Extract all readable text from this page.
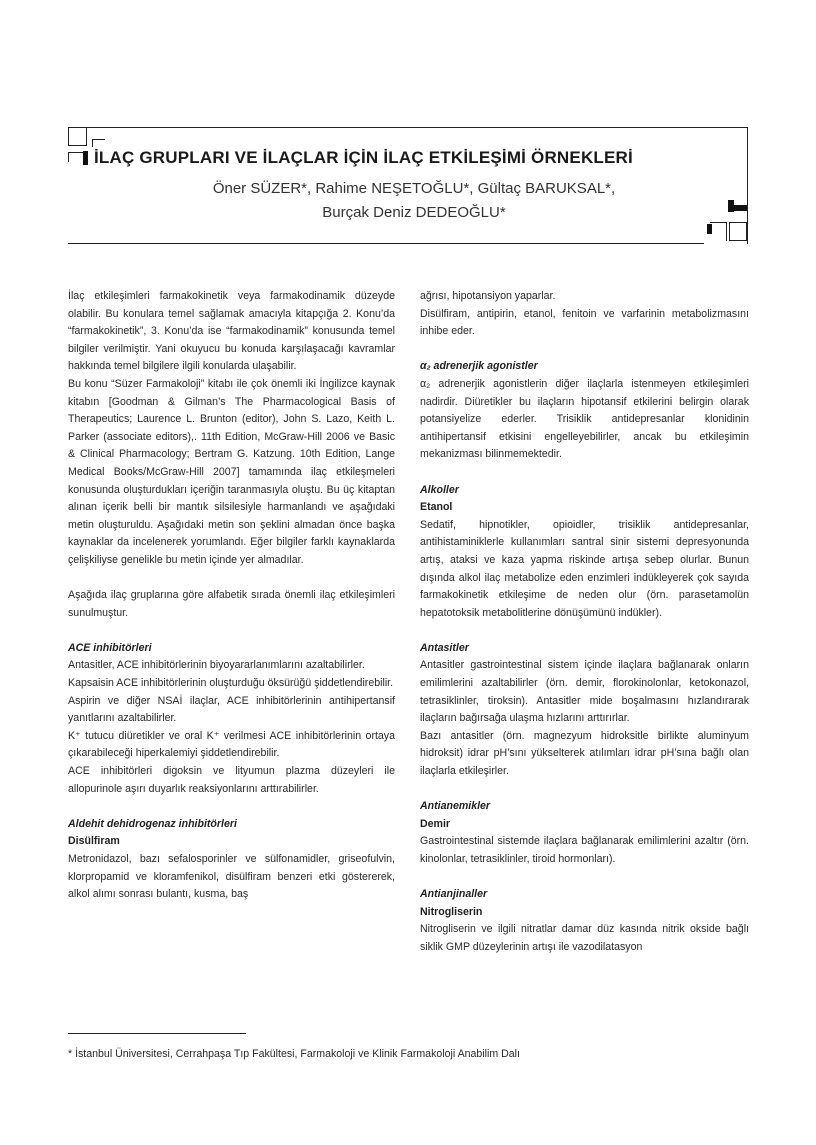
İLAÇ GRUPLARI VE İLAÇLAR İÇİN İLAÇ ETKİLEŞİMİ ÖRNEKLERİ
Öner SÜZER*, Rahime NEŞETOĞLU*, Gültaç BARUKSAL*,
Burçak Deniz DEDEOĞLU*

İlaç etkileşimleri farmakokinetik veya farmakodinamik düzeyde olabilir. Bu konulara temel sağlamak amacıyla kitapçığa 2. Konu’da “farmakokinetik”, 3. Konu’da ise “farmakodinamik” konusunda temel bilgiler verilmiştir. Yani okuyucu bu konuda karşılaşacağı kavramlar hakkında temel bilgilere ilgili konularda ulaşabilir.

Bu konu “Süzer Farmakoloji” kitabı ile çok önemli iki İngilizce kaynak kitabın [Goodman & Gilman’s The Pharmacological Basis of Therapeutics; Laurence L. Brunton (editor), John S. Lazo, Keith L. Parker (associate editors),. 11th Edition, McGraw-Hill 2006 ve Basic & Clinical Pharmacology; Bertram G. Katzung. 10th Edition, Lange Medical Books/McGraw-Hill 2007] tamamında ilaç etkileşmeleri konusunda oluşturdukları içeriğin taranmasıyla oluştu. Bu üç kitaptan alınan içerik belli bir mantık silsilesiyle harmanlandı ve aşağıdaki metin oluşturuldu. Aşağıdaki metin son şeklini almadan önce başka kaynaklar da incelenerek yorumlandı. Eğer bilgiler farklı kaynaklarda çelişkiliyse genelikle bu metin içinde yer almadılar.

Aşağıda ilaç gruplarına göre alfabetik sırada önemli ilaç etkileşimleri sunulmuştur.

ACE inhibitörleri

Antasitler, ACE inhibitörlerinin biyoyararlanımlarını azaltabilirler.

Kapsaisin ACE inhibitörlerinin oluşturduğu öksürüğü şiddetlendirebilir.

Aspirin ve diğer NSAİ ilaçlar, ACE inhibitörlerinin antihipertansif yanıtlarını azaltabilirler.

K⁺ tutucu diüretikler ve oral K⁺ verilmesi ACE inhibitörlerinin ortaya çıkarabileceği hiperkalemiyi şiddetlendirebilir.

ACE inhibitörleri digoksin ve lityumun plazma düzeyleri ile allopurinole aşırı duyarlık reaksiyonlarını arttırabilirler.

Aldehit dehidrogenaz inhibitörleri

Disülfiram

Metronidazol, bazı sefalosporinler ve sülfonamidler, griseofulvin, klorpropamid ve kloramfenikol, disülfiram benzeri etki göstererek, alkol alımı sonrası bulantı, kusma, baş

ağrısı, hipotansiyon yaparlar.

Disülfiram, antipirin, etanol, fenitoin ve varfarinin metabolizmasını inhibe eder.

α₂ adrenerjik agonistler

α₂ adrenerjik agonistlerin diğer ilaçlarla istenmeyen etkileşimleri nadirdir. Diüretikler bu ilaçların hipotansif etkilerini belirgin olarak potansiyelize ederler. Trisiklik antidepresanlar klonidinin antihipertansif etkisini engelleyebilirler, ancak bu etkileşimin mekanizması bilinmemektedir.

Alkoller

Etanol

Sedatif, hipnotikler, opioidler, trisiklik antidepresanlar, antihistaminiklerle kullanımları santral sinir sistemi depresyonunda artış, ataksi ve kaza yapma riskinde artışa sebep olurlar. Bunun dışında alkol ilaç metabolize eden enzimleri indükleyerek çok sayıda farmakokinetik etkileşime de neden olur (örn. parasetamolün hepatotoksik metabolitlerine dönüşümünü indükler).

Antasitler

Antasitler gastrointestinal sistem içinde ilaçlara bağlanarak onların emilimlerini azaltabilirler (örn. demir, florokinolonlar, ketokonazol, tetrasiklinler, tiroksin). Antasitler mide boşalmasını hızlandırarak ilaçların bağırsağa ulaşma hızlarını arttırırlar.

Bazı antasitler (örn. magnezyum hidroksitle birlikte aluminyum hidroksit) idrar pH’sını yükselterek atılımları idrar pH’sına bağlı olan ilaçlarla etkileşirler.

Antianemikler

Demir

Gastrointestinal sistemde ilaçlara bağlanarak emilimlerini azaltır (örn. kinolonlar, tetrasiklinler, tiroid hormonları).

Antianjinaller

Nitrogliserin

Nitrogliserin ve ilgili nitratlar damar düz kasında nitrik okside bağlı siklik GMP düzeylerinin artışı ile vazodilatasyon

* İstanbul Üniversitesi, Cerrahpaşa Tıp Fakültesi, Farmakoloji ve Klinik Farmakoloji Anabilim Dalı
